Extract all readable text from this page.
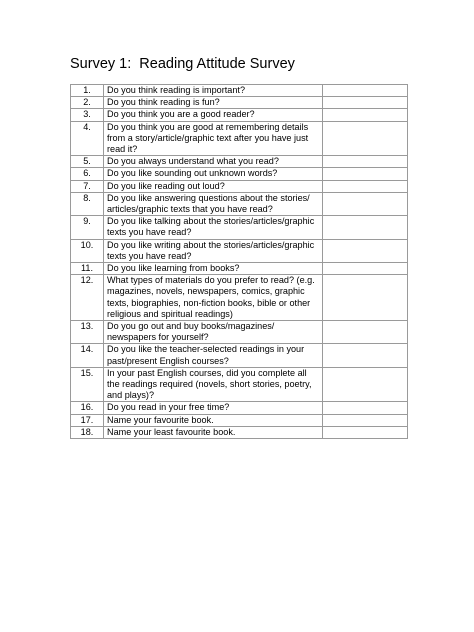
Survey 1:  Reading Attitude Survey
1.	Do you think reading is important?	
2.	Do you think reading is fun?	
3.	Do you think you are a good reader?	
4.	Do you think you are good at remembering details from a story/article/graphic text after you have just read it?	
5.	Do you always understand what you read?	
6.	Do you like sounding out unknown words?	
7.	Do you like reading out loud?	
8.	Do you like answering questions about the stories/ articles/graphic texts that you have read?	
9.	Do you like talking about the stories/articles/graphic texts you have read?	
10.	Do you like writing about the stories/articles/graphic texts you have read?	
11.	Do you like learning from books?	
12.	What types of materials do you prefer to read? (e.g. magazines, novels, newspapers, comics, graphic texts, biographies, non-fiction books, bible or other religious and spiritual readings)	
13.	Do you go out and buy books/magazines/ newspapers for yourself?	
14.	Do you like the teacher-selected readings in your past/present English courses?	
15.	In your past English courses, did you complete all the readings required (novels, short stories, poetry, and plays)?	
16.	Do you read in your free time?	
17.	Name your favourite book.	
18.	Name your least favourite book.	
